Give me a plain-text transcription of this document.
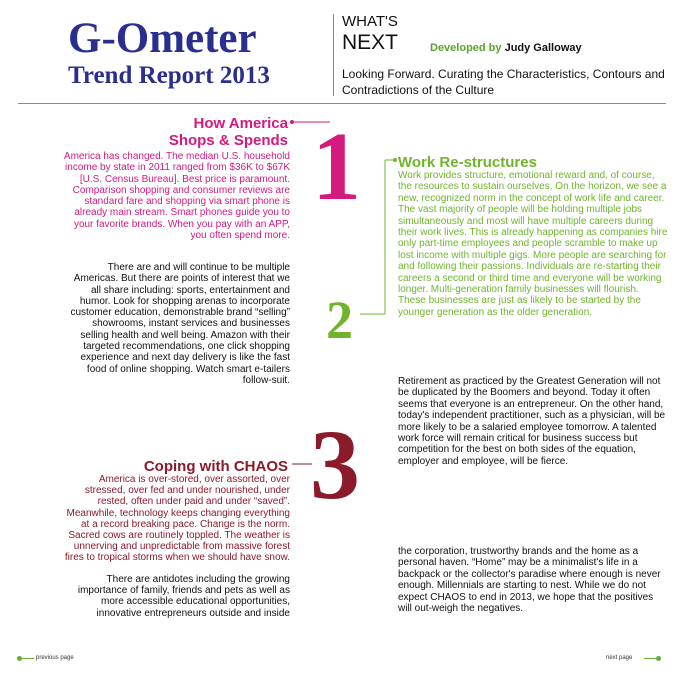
G-Ometer
Trend Report 2013
WHAT'S
NEXT	Developed by Judy Galloway
Looking Forward. Curating the Characteristics, Contours and Contradictions of the Culture
How America
Shops & Spends
America has changed. The median U.S. household income by state in 2011 ranged from $36K to $67K [U.S. Census Bureau]. Best price is paramount. Comparison shopping and consumer reviews are standard fare and shopping via smart phone is already main stream. Smart phones guide you to your favorite brands. When you pay with an APP, you often spend more.
There are and will continue to be multiple Americas. But there are points of interest that we all share including: sports, entertainment and humor. Look for shopping arenas to incorporate customer education, demonstrable brand “selling” showrooms, instant services and businesses selling health and well being. Amazon with their targeted recommendations, one click shopping experience and next day delivery is like the fast food of online shopping. Watch smart e-tailers follow-suit.
1 Work Re-structures
Work provides structure, emotional reward and, of course, the resources to sustain ourselves. On the horizon, we see a new, recognized norm in the concept of work life and career. The vast majority of people will be holding multiple jobs simultaneously and most will have multiple careers during their work lives. This is already happening as companies hire only part-time employees and people scramble to make up lost income with multiple gigs. More people are searching for and following their passions. Individuals are re-starting their careers a second or third time and everyone will be working longer. Multi-generation family businesses will flourish. These businesses are just as likely to be started by the younger generation as the older generation.
Retirement as practiced by the Greatest Generation will not be duplicated by the Boomers and beyond. Today it often seems that everyone is an entrepreneur. On the other hand, today's independent practitioner, such as a physician, will be more likely to be a salaried employee tomorrow. A talented work force will remain critical for business success but competition for the best on both sides of the equation, employer and employee, will be fierce.
2
3
Coping with CHAOS
America is over-stored, over assorted, over stressed, over fed and under nourished, under rested, often under paid and under “saved”. Meanwhile, technology keeps changing everything at a record breaking pace. Change is the norm. Sacred cows are routinely toppled. The weather is unnerving and unpredictable from massive forest fires to tropical storms when we should have snow.
There are antidotes including the growing importance of family, friends and pets as well as more accessible educational opportunities, innovative entrepreneurs outside and inside
the corporation, trustworthy brands and the home as a personal haven. “Home” may be a minimalist's life in a backpack or the collector's paradise where enough is never enough. Millennials are starting to nest. While we do not expect CHAOS to end in 2013, we hope that the positives will out-weigh the negatives.
previous page	next page
